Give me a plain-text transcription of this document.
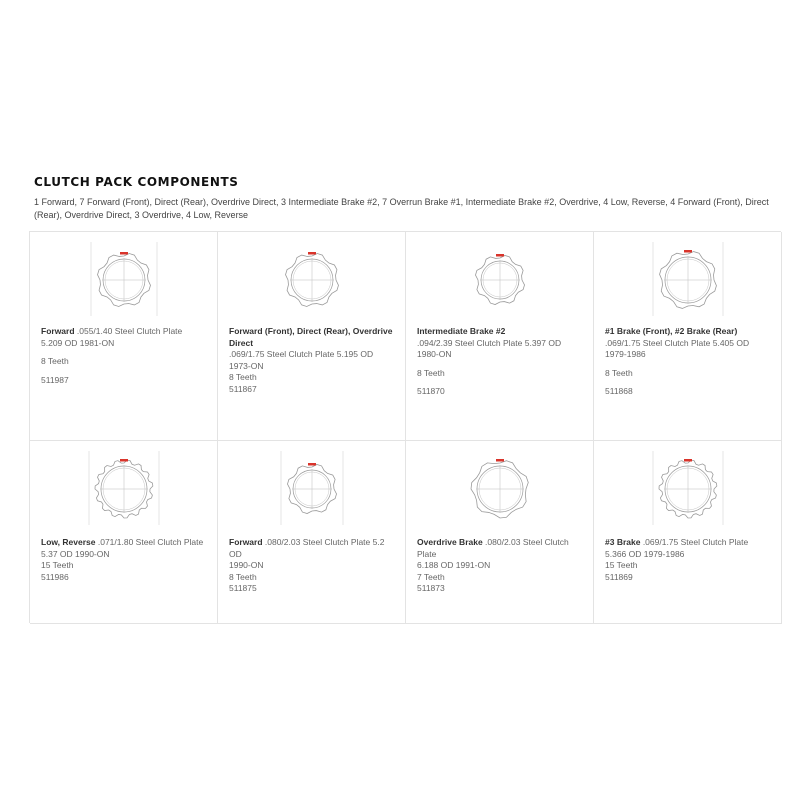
CLUTCH PACK COMPONENTS
1 Forward, 7 Forward (Front), Direct (Rear), Overdrive Direct, 3 Intermediate Brake #2, 7 Overrun Brake #1, Intermediate Brake #2, Overdrive, 4 Low, Reverse, 4 Forward (Front), Direct (Rear), Overdrive Direct, 3 Overdrive, 4 Low, Reverse
Forward .055/1.40 Steel Clutch Plate
5.209 OD 1981-ON
8 Teeth
511987
Forward (Front), Direct (Rear), Overdrive Direct
.069/1.75 Steel Clutch Plate 5.195 OD
1973-ON
8 Teeth
511867
Intermediate Brake #2
.094/2.39 Steel Clutch Plate 5.397 OD
1980-ON
8 Teeth
511870
#1 Brake (Front), #2 Brake (Rear)
.069/1.75 Steel Clutch Plate 5.405 OD
1979-1986
8 Teeth
511868
Low, Reverse .071/1.80 Steel Clutch Plate
5.37 OD 1990-ON
15 Teeth
511986
Forward .080/2.03 Steel Clutch Plate 5.2 OD
1990-ON
8 Teeth
511875
Overdrive Brake .080/2.03 Steel Clutch Plate
6.188 OD 1991-ON
7 Teeth
511873
#3 Brake .069/1.75 Steel Clutch Plate
5.366 OD 1979-1986
15 Teeth
511869
